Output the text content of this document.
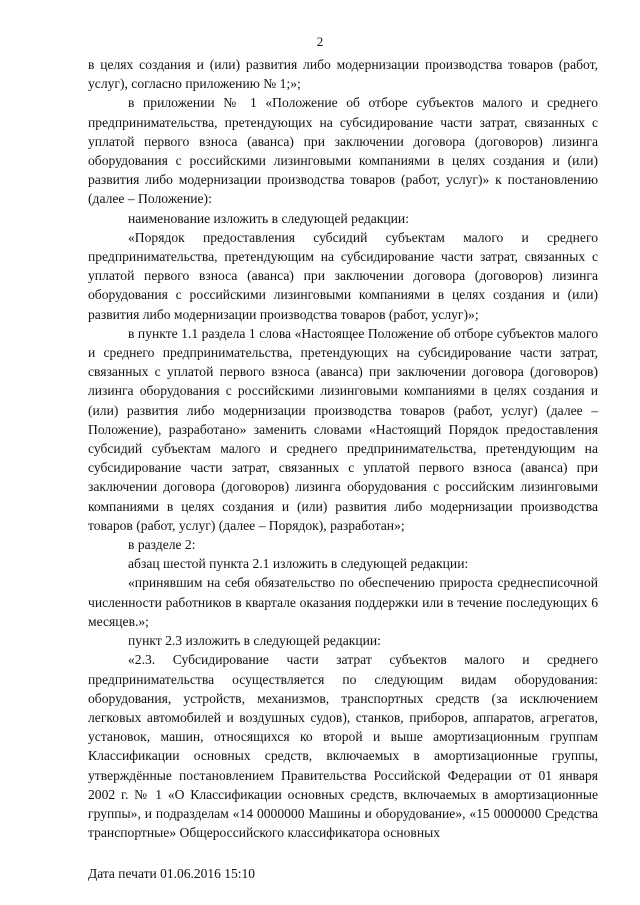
2

в целях создания и (или) развития либо модернизации производства товаров (работ, услуг), согласно приложению № 1;»;

в приложении № 1 «Положение об отборе субъектов малого и среднего предпринимательства, претендующих на субсидирование части затрат, связанных с уплатой первого взноса (аванса) при заключении договора (договоров) лизинга оборудования с российскими лизинговыми компаниями в целях создания и (или) развития либо модернизации производства товаров (работ, услуг)» к постановлению (далее – Положение):

наименование изложить в следующей редакции:

«Порядок предоставления субсидий субъектам малого и среднего предпринимательства, претендующим на субсидирование части затрат, связанных с уплатой первого взноса (аванса) при заключении договора (договоров) лизинга оборудования с российскими лизинговыми компаниями в целях создания и (или) развития либо модернизации производства товаров (работ, услуг)»;

в пункте 1.1 раздела 1 слова «Настоящее Положение об отборе субъектов малого и среднего предпринимательства, претендующих на субсидирование части затрат, связанных с уплатой первого взноса (аванса) при заключении договора (договоров) лизинга оборудования с российскими лизинговыми компаниями в целях создания и (или) развития либо модернизации производства товаров (работ, услуг) (далее – Положение), разработано» заменить словами «Настоящий Порядок предоставления субсидий субъектам малого и среднего предпринимательства, претендующим на субсидирование части затрат, связанных с уплатой первого взноса (аванса) при заключении договора (договоров) лизинга оборудования с российским лизинговыми компаниями в целях создания и (или) развития либо модернизации производства товаров (работ, услуг) (далее – Порядок), разработан»;

в разделе 2:

абзац шестой пункта 2.1 изложить в следующей редакции:

«принявшим на себя обязательство по обеспечению прироста среднесписочной численности работников в квартале оказания поддержки или в течение последующих 6 месяцев.»;

пункт 2.3 изложить в следующей редакции:

«2.3. Субсидирование части затрат субъектов малого и среднего предпринимательства осуществляется по следующим видам оборудования: оборудования, устройств, механизмов, транспортных средств (за исключением легковых автомобилей и воздушных судов), станков, приборов, аппаратов, агрегатов, установок, машин, относящихся ко второй и выше амортизационным группам Классификации основных средств, включаемых в амортизационные группы, утверждённые постановлением Правительства Российской Федерации от 01 января 2002 г. № 1 «О Классификации основных средств, включаемых в амортизационные группы», и подразделам «14 0000000 Машины и оборудование», «15 0000000 Средства транспортные» Общероссийского классификатора основных

Дата печати 01.06.2016 15:10
